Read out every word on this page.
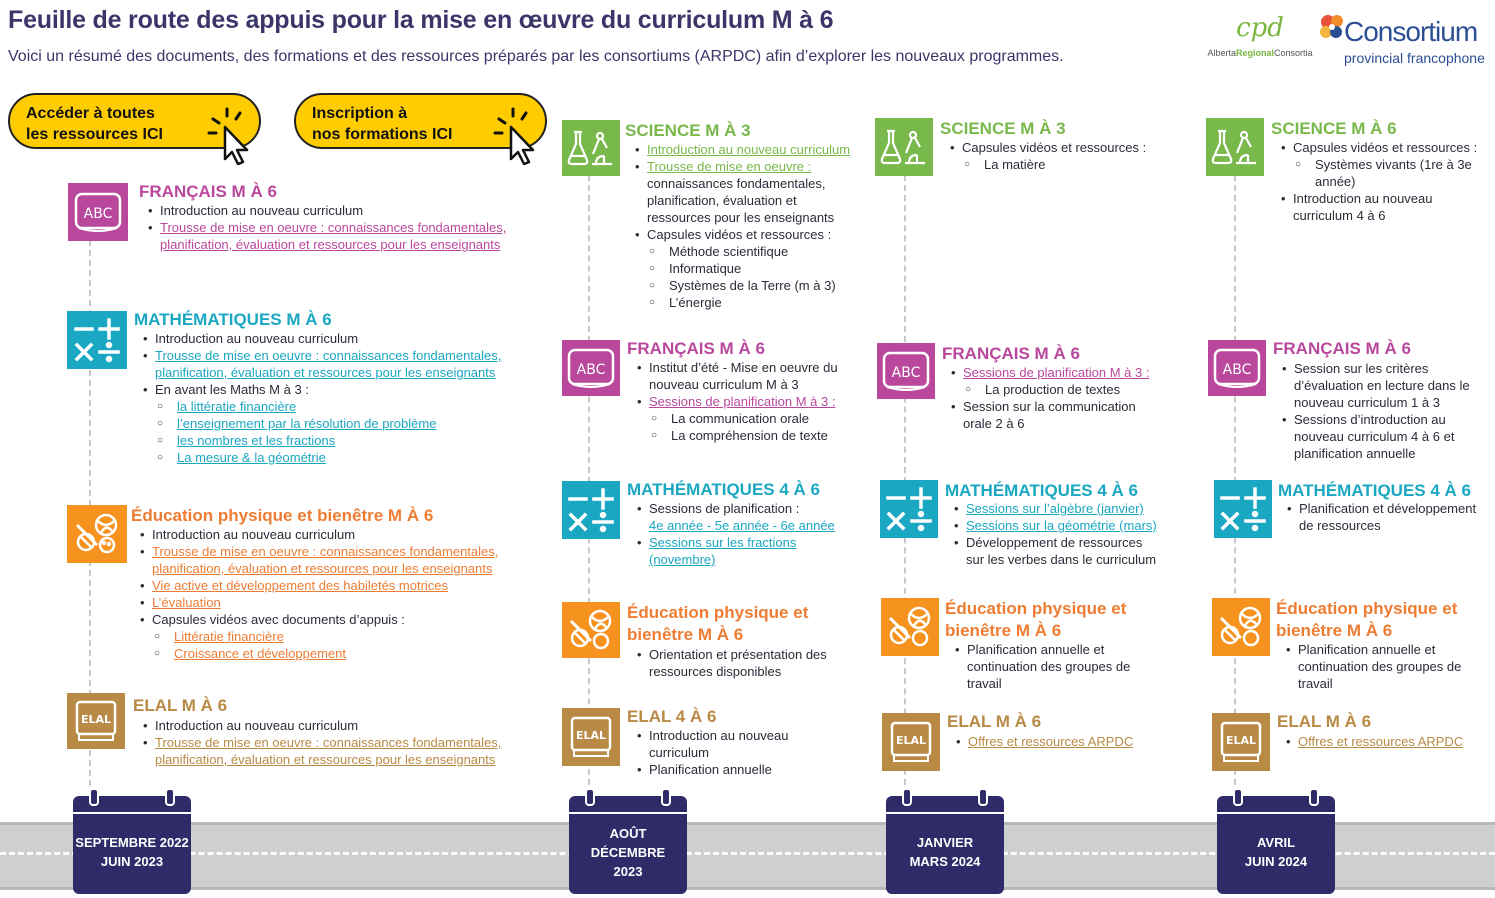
Feuille de route des appuis pour la mise en œuvre du curriculum M à 6
Voici un résumé des documents, des formations et des ressources préparés par les consortiums (ARPDC) afin d’explorer les nouveaux programmes.
cpd
AlbertaRegionalConsortia
Consortium
provincial francophone
Accéder à toutes
les ressources ICI
Inscription à
nos formations ICI
ABC
FRANÇAIS M À 6
• Introduction au nouveau curriculum
• Trousse de mise en oeuvre : connaissances fondamentales,
planification, évaluation et ressources pour les enseignants
MATHÉMATIQUES M À 6
• Introduction au nouveau curriculum
• Trousse de mise en oeuvre : connaissances fondamentales,
planification, évaluation et ressources pour les enseignants
• En avant les Maths M à 3 :
○ la littératie financière
○ l’enseignement par la résolution de problème
○ les nombres et les fractions
○ La mesure & la géométrie
Éducation physique et bienêtre M À 6
• Introduction au nouveau curriculum
• Trousse de mise en oeuvre : connaissances fondamentales,
planification, évaluation et ressources pour les enseignants
• Vie active et développement des habiletés motrices
• L’évaluation
• Capsules vidéos avec documents d’appuis :
○ Littératie financière
○ Croissance et développement
ELAL
ELAL M À 6
• Introduction au nouveau curriculum
• Trousse de mise en oeuvre : connaissances fondamentales,
planification, évaluation et ressources pour les enseignants
SCIENCE M À 3
• Introduction au nouveau curriculum
• Trousse de mise en oeuvre :
connaissances fondamentales,
planification, évaluation et
ressources pour les enseignants
• Capsules vidéos et ressources :
○ Méthode scientifique
○ Informatique
○ Systèmes de la Terre (m à 3)
○ L’énergie
ABC
FRANÇAIS M À 6
• Institut d’été - Mise en oeuvre du
nouveau curriculum M à 3
• Sessions de planification M à 3 :
○ La communication orale
○ La compréhension de texte
MATHÉMATIQUES 4 À 6
• Sessions de planification :
4e année - 5e année - 6e année
• Sessions sur les fractions
(novembre)
Éducation physique et
bienêtre M À 6
• Orientation et présentation des
ressources disponibles
ELAL
ELAL 4 À 6
• Introduction au nouveau
curriculum
• Planification annuelle
SCIENCE M À 3
• Capsules vidéos et ressources :
○ La matière
ABC
FRANÇAIS M À 6
• Sessions de planification M à 3 :
○ La production de textes
• Session sur la communication
orale 2 à 6
MATHÉMATIQUES 4 À 6
• Sessions sur l’algèbre (janvier)
• Sessions sur la géométrie (mars)
• Développement de ressources
sur les verbes dans le curriculum
Éducation physique et
bienêtre M À 6
• Planification annuelle et
continuation des groupes de
travail
ELAL
ELAL M À 6
• Offres et ressources ARPDC
SCIENCE M À 6
• Capsules vidéos et ressources :
○ Systèmes vivants (1re à 3e
année)
• Introduction au nouveau
curriculum 4 à 6
ABC
FRANÇAIS M À 6
• Session sur les critères
d’évaluation en lecture dans le
nouveau curriculum 1 à 3
• Sessions d’introduction au
nouveau curriculum 4 à 6 et
planification annuelle
MATHÉMATIQUES 4 À 6
• Planification et développement
de ressources
Éducation physique et
bienêtre M À 6
• Planification annuelle et
continuation des groupes de
travail
ELAL
ELAL M À 6
• Offres et ressources ARPDC
SEPTEMBRE 2022
JUIN 2023
AOÛT
DÉCEMBRE
2023
JANVIER
MARS 2024
AVRIL
JUIN 2024
